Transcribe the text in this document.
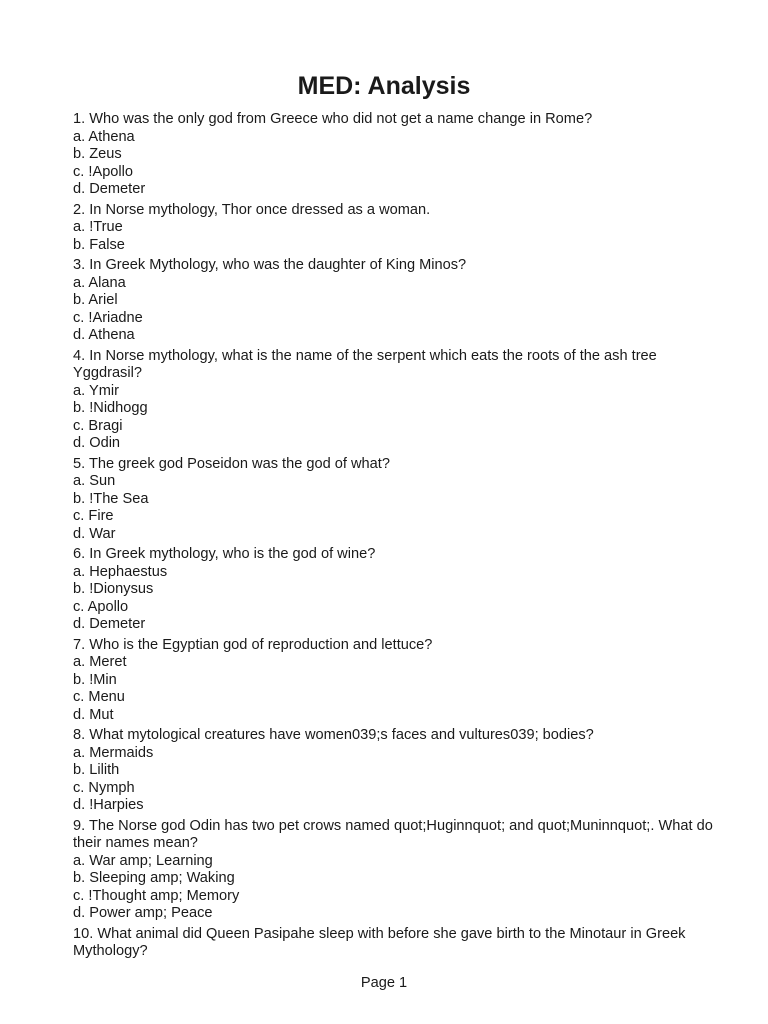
MED: Analysis
1. Who was the only god from Greece who did not get a name change in Rome?
a. Athena
b. Zeus
c. !Apollo
d. Demeter
2. In Norse mythology, Thor once dressed as a woman.
a. !True
b. False
3. In Greek Mythology, who was the daughter of King Minos?
a. Alana
b. Ariel
c. !Ariadne
d. Athena
4. In Norse mythology, what is the name of the serpent which eats the roots of the ash tree Yggdrasil?
a. Ymir
b. !Nidhogg
c. Bragi
d. Odin
5. The greek god Poseidon was the god of what?
a. Sun
b. !The Sea
c. Fire
d. War
6. In Greek mythology, who is the god of wine?
a. Hephaestus
b. !Dionysus
c. Apollo
d. Demeter
7. Who is the Egyptian god of reproduction and lettuce?
a. Meret
b. !Min
c. Menu
d. Mut
8. What mytological creatures have women039;s faces and vultures039; bodies?
a. Mermaids
b. Lilith
c. Nymph
d. !Harpies
9. The Norse god Odin has two pet crows named quot;Huginnquot; and quot;Muninnquot;. What do their names mean?
a. War amp; Learning
b. Sleeping amp; Waking
c. !Thought amp; Memory
d. Power amp; Peace
10. What animal did Queen Pasipahe sleep with before she gave birth to the Minotaur in Greek Mythology?
Page 1
